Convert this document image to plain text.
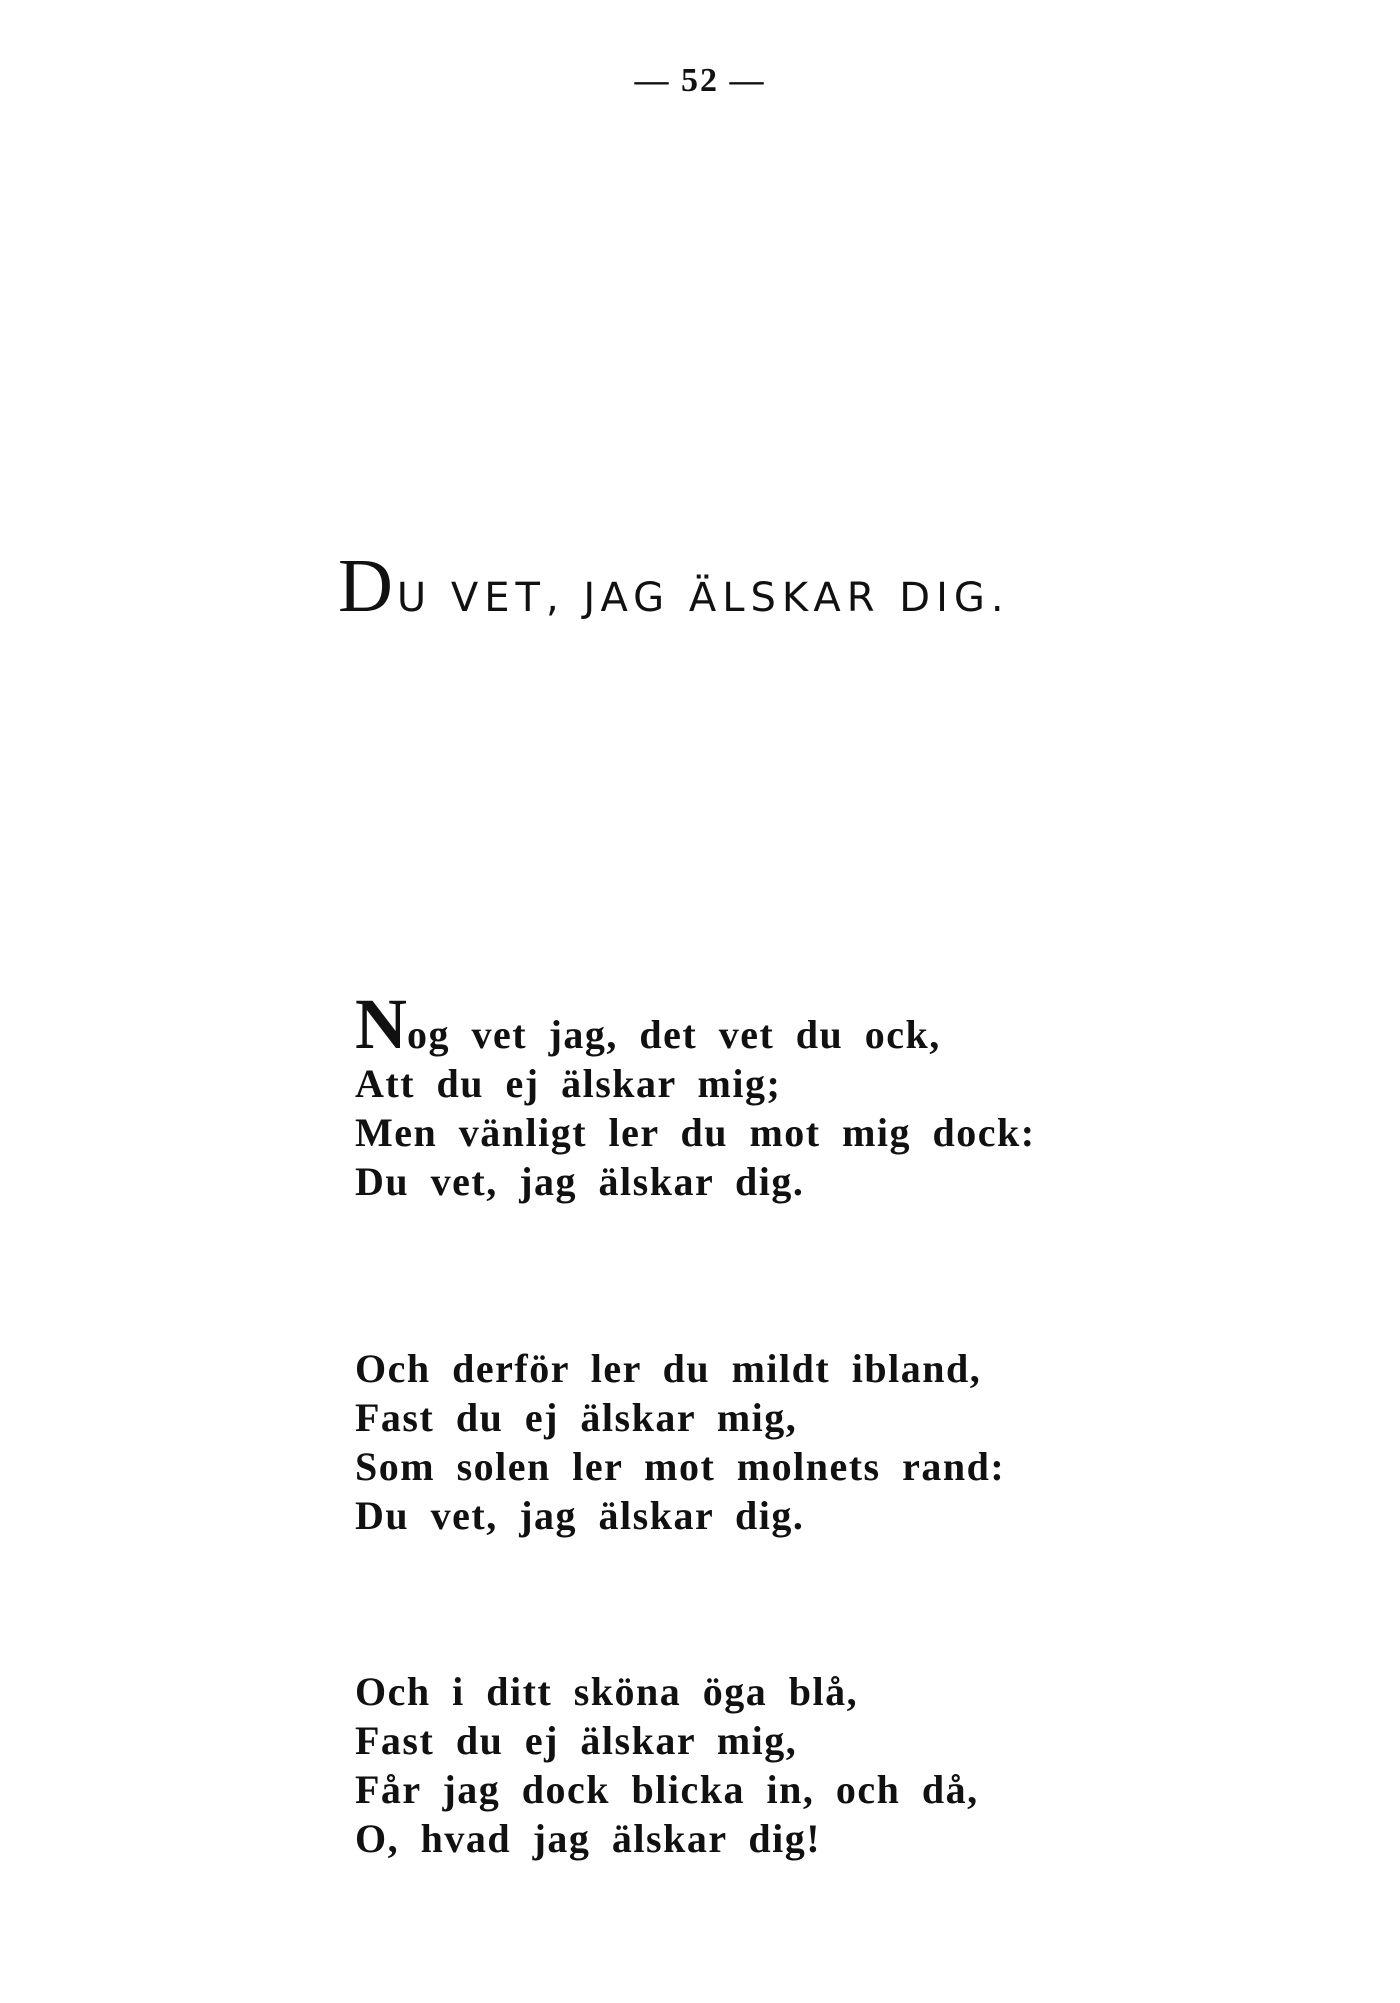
— 52 —
D U VET, JAG ÄLSKAR DIG.
N og vet jag, det vet du ock,
Att du ej älskar mig;
Men vänligt ler du mot mig dock:
Du vet, jag älskar dig.
Och derför ler du mildt ibland,
Fast du ej älskar mig,
Som solen ler mot molnets rand:
Du vet, jag älskar dig.
Och i ditt sköna öga blå,
Fast du ej älskar mig,
Får jag dock blicka in, och då,
O, hvad jag älskar dig!
